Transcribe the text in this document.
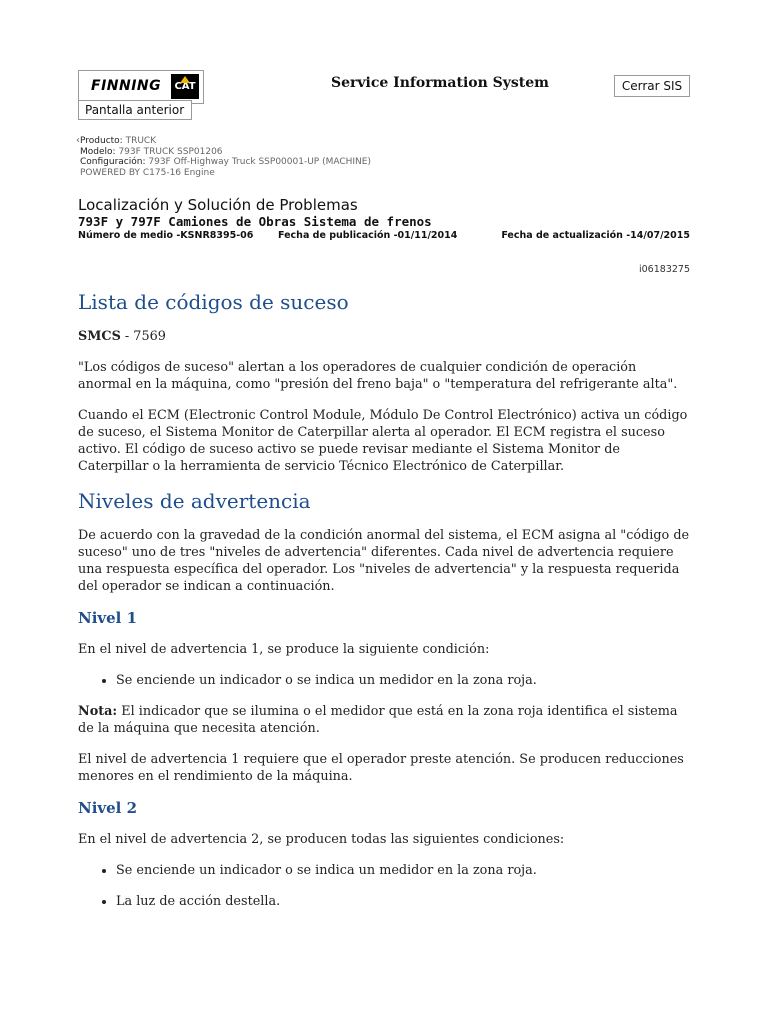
FINNING	CAT
Pantalla anterior
Service Information System	Cerrar SIS
‹ Producto: TRUCK
Modelo: 793F TRUCK SSP01206
Configuración: 793F Off-Highway Truck SSP00001-UP (MACHINE)
POWERED BY C175-16 Engine
Localización y Solución de Problemas
793F y 797F Camiones de Obras Sistema de frenos
Número de medio -KSNR8395-06	Fecha de publicación -01/11/2014	Fecha de actualización -14/07/2015
i06183275
Lista de códigos de suceso

SMCS - 7569

"Los códigos de suceso" alertan a los operadores de cualquier condición de operación anormal en la máquina, como "presión del freno baja" o "temperatura del refrigerante alta".

Cuando el ECM (Electronic Control Module, Módulo De Control Electrónico) activa un código de suceso, el Sistema Monitor de Caterpillar alerta al operador. El ECM registra el suceso activo. El código de suceso activo se puede revisar mediante el Sistema Monitor de Caterpillar o la herramienta de servicio Técnico Electrónico de Caterpillar.

Niveles de advertencia

De acuerdo con la gravedad de la condición anormal del sistema, el ECM asigna al "código de suceso" uno de tres "niveles de advertencia" diferentes. Cada nivel de advertencia requiere una respuesta específica del operador. Los "niveles de advertencia" y la respuesta requerida del operador se indican a continuación.

Nivel 1

En el nivel de advertencia 1, se produce la siguiente condición:

• Se enciende un indicador o se indica un medidor en la zona roja.

Nota: El indicador que se ilumina o el medidor que está en la zona roja identifica el sistema de la máquina que necesita atención.

El nivel de advertencia 1 requiere que el operador preste atención. Se producen reducciones menores en el rendimiento de la máquina.

Nivel 2

En el nivel de advertencia 2, se producen todas las siguientes condiciones:

• Se enciende un indicador o se indica un medidor en la zona roja.
• La luz de acción destella.
